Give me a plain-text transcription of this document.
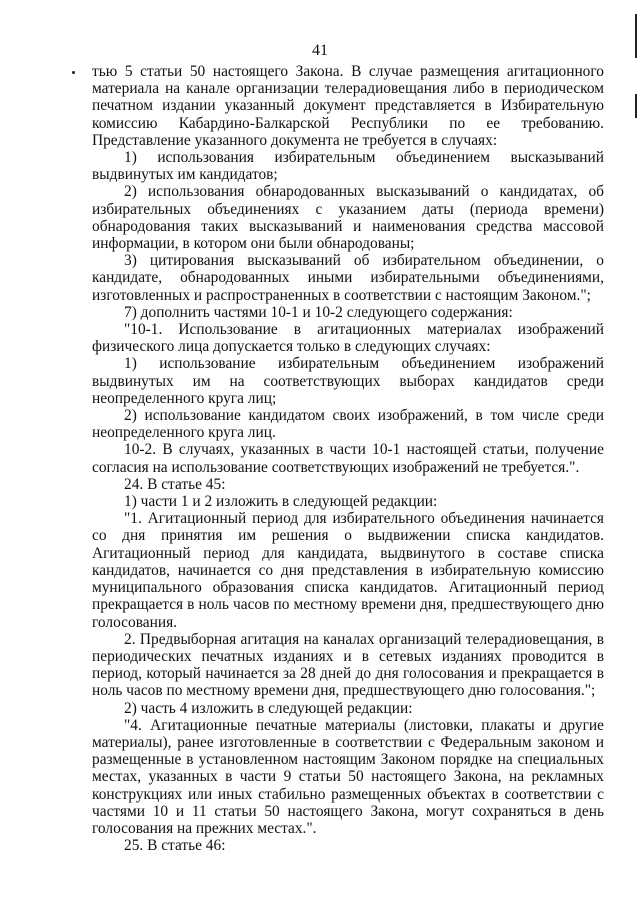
41

тью 5 статьи 50 настоящего Закона. В случае размещения агитационного материала на канале организации телерадиовещания либо в периодическом печатном издании указанный документ представляется в Избирательную комиссию Кабардино-Балкарской Республики по ее требованию. Представление указанного документа не требуется в случаях:

1) использования избирательным объединением высказываний выдвинутых им кандидатов;

2) использования обнародованных высказываний о кандидатах, об избирательных объединениях с указанием даты (периода времени) обнародования таких высказываний и наименования средства массовой информации, в котором они были обнародованы;

3) цитирования высказываний об избирательном объединении, о кандидате, обнародованных иными избирательными объединениями, изготовленных и распространенных в соответствии с настоящим Законом.";

7) дополнить частями 10-1 и 10-2 следующего содержания:

"10-1. Использование в агитационных материалах изображений физического лица допускается только в следующих случаях:

1) использование избирательным объединением изображений выдвинутых им на соответствующих выборах кандидатов среди неопределенного круга лиц;

2) использование кандидатом своих изображений, в том числе среди неопределенного круга лиц.

10-2. В случаях, указанных в части 10-1 настоящей статьи, получение согласия на использование соответствующих изображений не требуется.".

24. В статье 45:

1) части 1 и 2 изложить в следующей редакции:

"1. Агитационный период для избирательного объединения начинается со дня принятия им решения о выдвижении списка кандидатов. Агитационный период для кандидата, выдвинутого в составе списка кандидатов, начинается со дня представления в избирательную комиссию муниципального образования списка кандидатов. Агитационный период прекращается в ноль часов по местному времени дня, предшествующего дню голосования.

2. Предвыборная агитация на каналах организаций телерадиовещания, в периодических печатных изданиях и в сетевых изданиях проводится в период, который начинается за 28 дней до дня голосования и прекращается в ноль часов по местному времени дня, предшествующего дню голосования.";

2) часть 4 изложить в следующей редакции:

"4. Агитационные печатные материалы (листовки, плакаты и другие материалы), ранее изготовленные в соответствии с Федеральным законом и размещенные в установленном настоящим Законом порядке на специальных местах, указанных в части 9 статьи 50 настоящего Закона, на рекламных конструкциях или иных стабильно размещенных объектах в соответствии с частями 10 и 11 статьи 50 настоящего Закона, могут сохраняться в день голосования на прежних местах.".

25. В статье 46:
